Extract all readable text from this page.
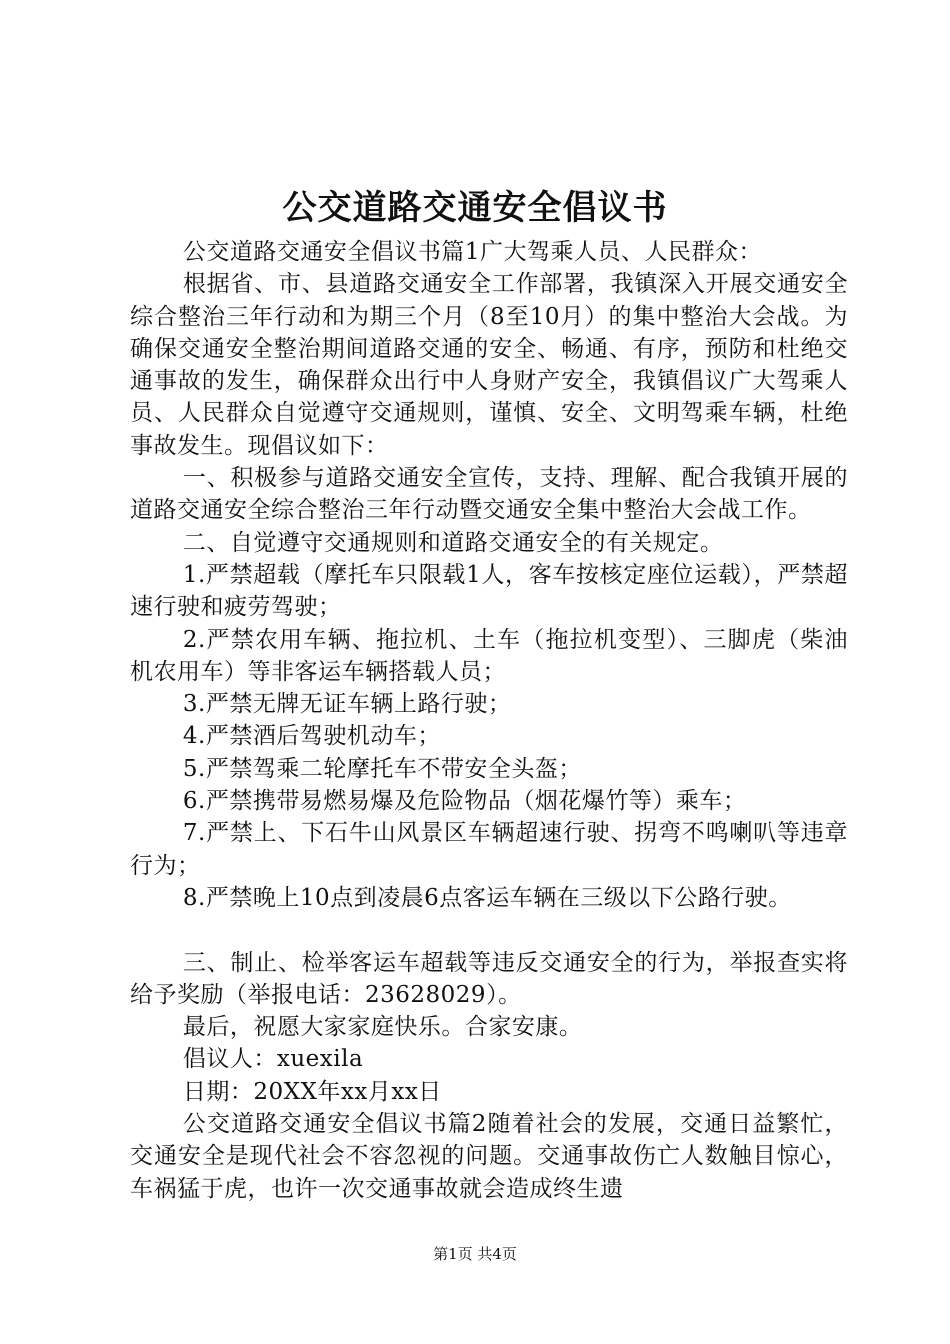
公交道路交通安全倡议书

公交道路交通安全倡议书篇1广大驾乘人员、人民群众：

根据省、市、县道路交通安全工作部署，我镇深入开展交通安全综合整治三年行动和为期三个月（8至10月）的集中整治大会战。为确保交通安全整治期间道路交通的安全、畅通、有序，预防和杜绝交通事故的发生，确保群众出行中人身财产安全，我镇倡议广大驾乘人员、人民群众自觉遵守交通规则，谨慎、安全、文明驾乘车辆，杜绝事故发生。现倡议如下：

一、积极参与道路交通安全宣传，支持、理解、配合我镇开展的道路交通安全综合整治三年行动暨交通安全集中整治大会战工作。

二、自觉遵守交通规则和道路交通安全的有关规定。

1.严禁超载（摩托车只限载1人，客车按核定座位运载），严禁超速行驶和疲劳驾驶；

2.严禁农用车辆、拖拉机、土车（拖拉机变型）、三脚虎（柴油机农用车）等非客运车辆搭载人员；

3.严禁无牌无证车辆上路行驶；

4.严禁酒后驾驶机动车；

5.严禁驾乘二轮摩托车不带安全头盔；

6.严禁携带易燃易爆及危险物品（烟花爆竹等）乘车；

7.严禁上、下石牛山风景区车辆超速行驶、拐弯不鸣喇叭等违章行为；

8.严禁晚上10点到凌晨6点客运车辆在三级以下公路行驶。

三、制止、检举客运车超载等违反交通安全的行为，举报查实将给予奖励（举报电话：23628029）。

最后，祝愿大家家庭快乐。合家安康。

倡议人：xuexila

日期：20XX年xx月xx日

公交道路交通安全倡议书篇2随着社会的发展，交通日益繁忙，交通安全是现代社会不容忽视的问题。交通事故伤亡人数触目惊心，车祸猛于虎，也许一次交通事故就会造成终生遗

第1页 共4页
